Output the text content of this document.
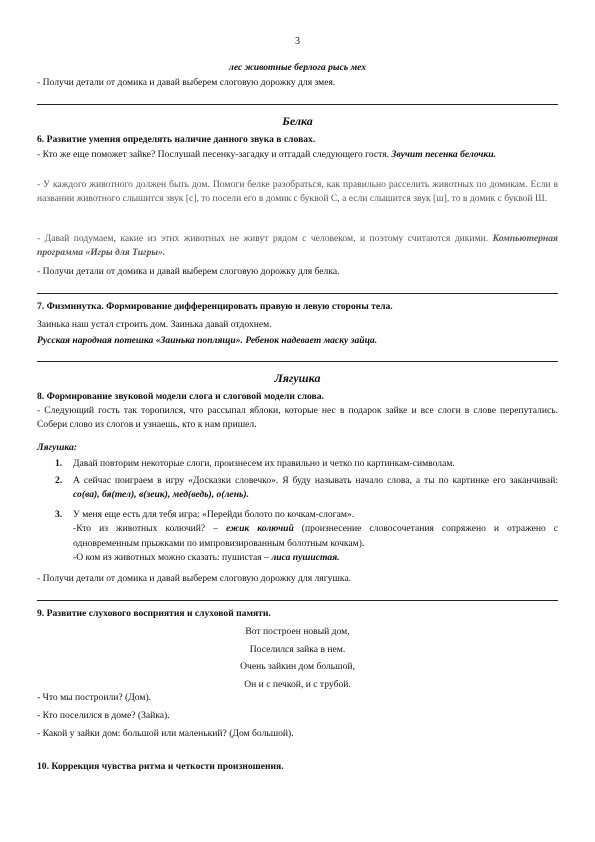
3
лес животные берлога рысь мех
- Получи детали от домика и давай выберем слоговую дорожку для змея.
Белка
6. Развитие умения определять наличие данного звука в словах.
- Кто же еще поможет зайке? Послушай песенку-загадку и отгадай следующего гостя. Звучит песенка белочки.
- У каждого животного должен быть дом. Помоги белке разобраться, как правильно расселить животных по домикам. Если в названии животного слышится звук [с], то посели его в домик с буквой С, а если слышится звук [ш], то в домик с буквой Ш.
- Давай подумаем, какие из этих животных не живут рядом с человеком, и поэтому считаются дикими. Компьютерная программа «Игры для Тигры».
- Получи детали от домика и давай выберем слоговую дорожку для белка.
7. Физминутка. Формирование дифференцировать правую и левую стороны тела.
Заинька наш устал строить дом. Заинька давай отдохнем.
Русская народная потешка «Заинька поплящи». Ребенок надевает маску зайца.
Лягушка
8. Формирование звуковой модели слога и слоговой модели слова.
- Следующий гость так торопился, что рассыпал яблоки, которые нес в подарок зайке и все слоги в слове перепутались. Собери слово из слогов и узнаешь, кто к нам пришел.
Лягушка:
1. Давай повторим некоторые слоги, произнесем их правильно и четко по картинкам-символам.
2. А сейчас поиграем в игру «Досказки словечко». Я буду называть начало слова, а ты по картинке его заканчивай: со(ва), бя(тел), в(зеик), мед(ведь), о(лень).
3. У меня еще есть для тебя игра: «Перейди болото по кочкам-слогам».
-Кто из животных колючий? – ежик колючий (произнесение словосочетания сопряжено и отражено с одновременным прыжками по импровизированным болотным кочкам).
-О ком из животных можно сказать: пушистая – лиса пушистая.
- Получи детали от домика и давай выберем слоговую дорожку для лягушка.
9. Развитие слухового восприятия и слуховой памяти.
Вот построен новый дом,
Поселился зайка в нем.
Очень зайкин дом большой,
Он и с печкой, и с трубой.
- Что мы построили? (Дом).
- Кто поселился в доме? (Зайка).
- Какой у зайки дом: большой или маленький? (Дом большой).
10. Коррекция чувства ритма и четкости произношения.
